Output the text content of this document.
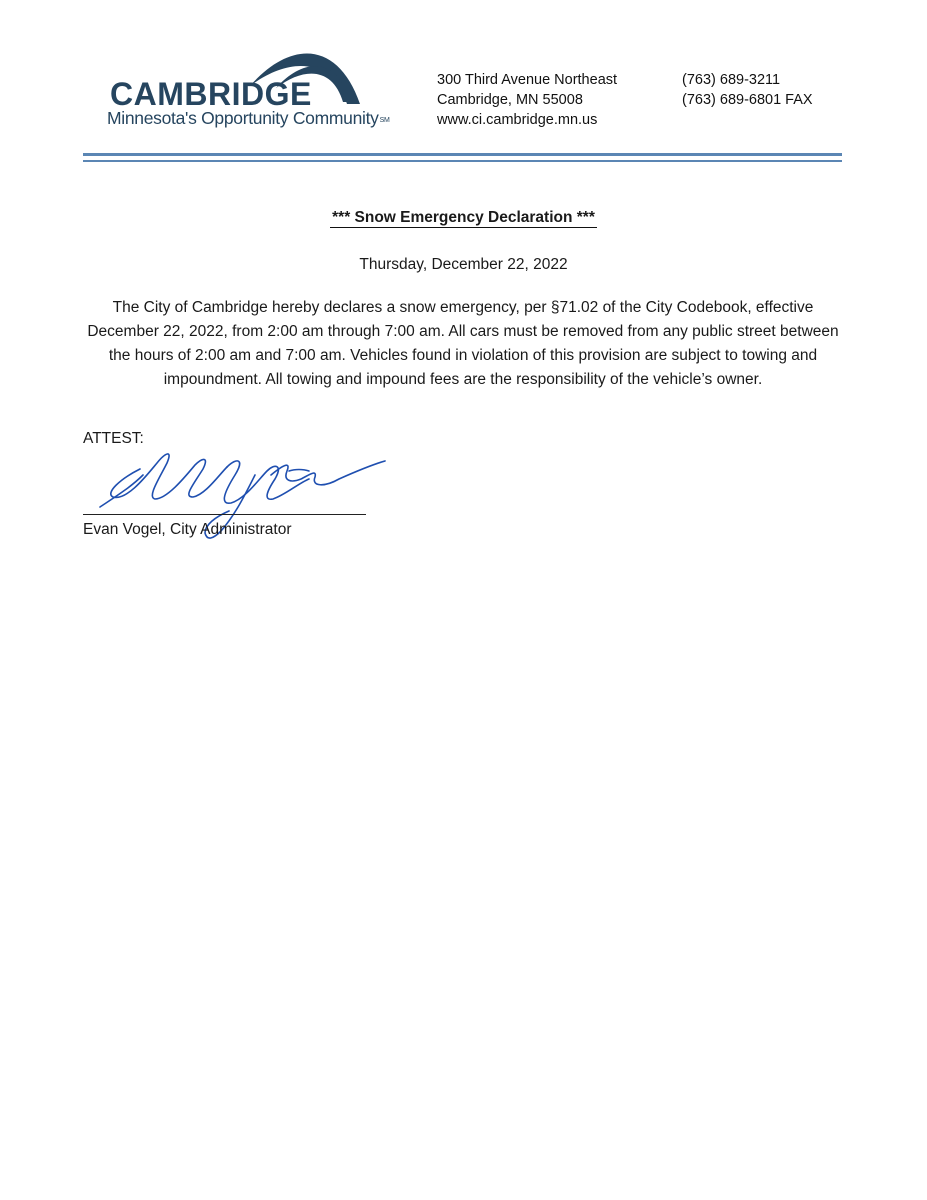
CAMBRIDGE
Minnesota's Opportunity CommunitySM
300 Third Avenue Northeast
Cambridge, MN 55008
www.ci.cambridge.mn.us
(763) 689-3211
(763) 689-6801 FAX
*** Snow Emergency Declaration ***
Thursday, December 22, 2022
The City of Cambridge hereby declares a snow emergency, per §71.02 of the City Codebook, effective December 22, 2022, from 2:00 am through 7:00 am. All cars must be removed from any public street between the hours of 2:00 am and 7:00 am. Vehicles found in violation of this provision are subject to towing and impoundment. All towing and impound fees are the responsibility of the vehicle’s owner.
ATTEST:
Evan Vogel, City Administrator
